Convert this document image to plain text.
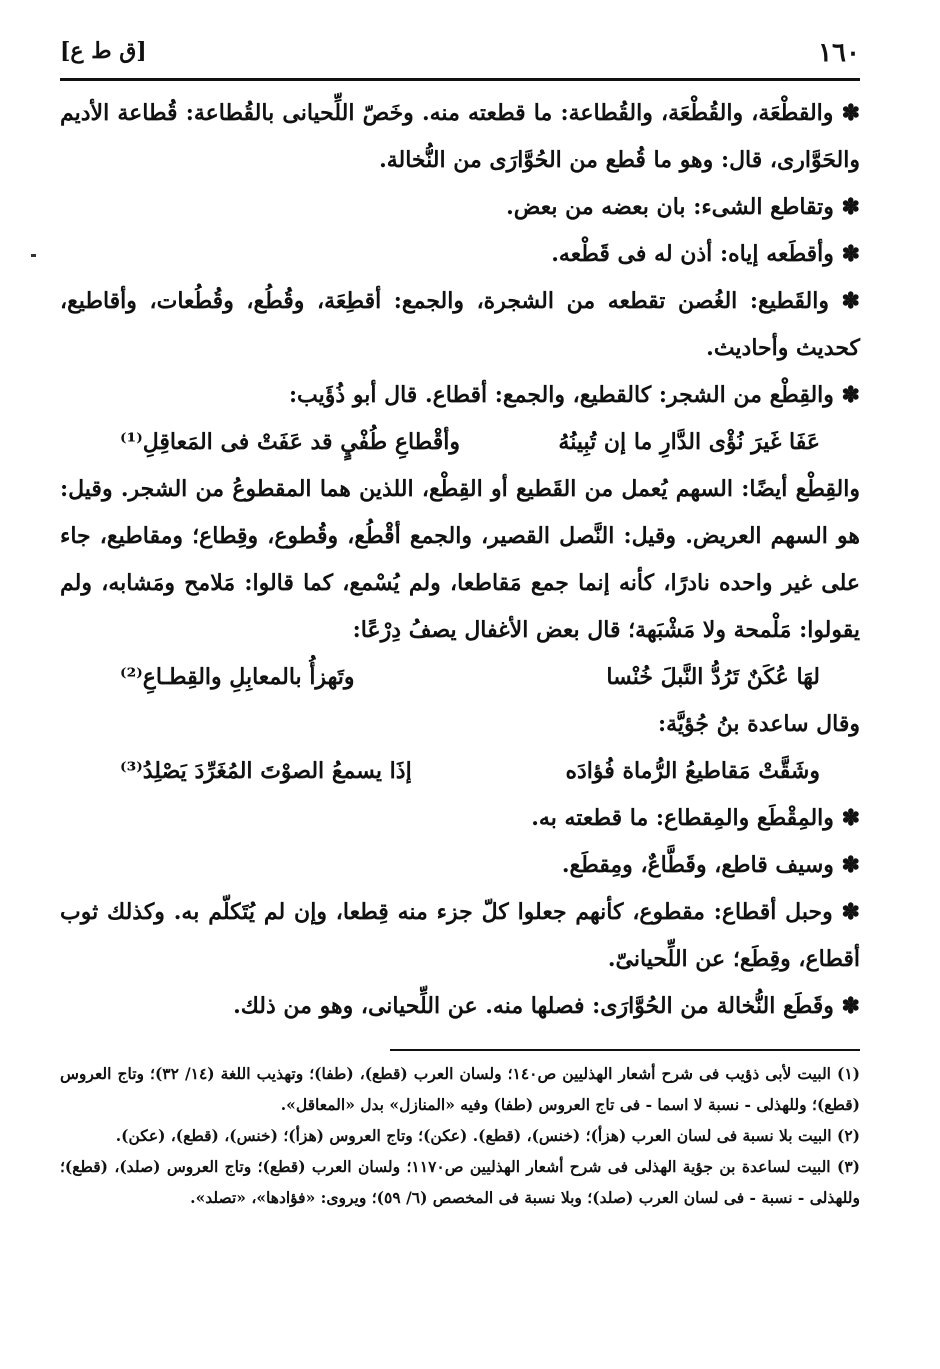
١٦٠
[ق ط ع]

✽ والقطْعَة، والقُطْعَة، والقُطاعة: ما قطعته منه. وخَصّ اللِّحيانى بالقُطاعة: قُطاعة الأديم والحَوَّارى، قال: وهو ما قُطع من الحُوَّارَى من النُّخالة.

✽ وتقاطع الشىء: بان بعضه من بعض.

✽ وأقطَعه إياه: أذن له فى قَطْعه.

✽ والقَطيع: الغُصن تقطعه من الشجرة، والجمع: أقطِعَة، وقُطُع، وقُطُعات، وأقاطيع، كحديث وأحاديث.

✽ والقِطْع من الشجر: كالقطيع، والجمع: أقطاع. قال أبو ذُؤَيب:

عَفَا غَيرَ نُؤْى الدَّارِ ما إن تُبِينُهُ
وأقْطاعِ طُفْيٍ قد عَفَتْ فى المَعاقِلِ⁽¹⁾

والقِطْع أيضًا: السهم يُعمل من القَطيع أو القِطْع، اللذين هما المقطوعُ من الشجر. وقيل: هو السهم العريض. وقيل: النَّصل القصير، والجمع أقْطُع، وقُطوع، وقِطاع؛ ومقاطيع، جاء على غير واحده نادرًا، كأنه إنما جمع مَقاطعا، ولم يُسْمع، كما قالوا: مَلامح ومَشابه، ولم يقولوا: مَلْمحة ولا مَشْبَهة؛ قال بعض الأغفال يصفُ دِرْعًا:

لهَا عُكَنٌ تَرُدُّ النَّبلَ خُنْسا
وتَهزأُ بالمعابِلِ والقِطـاعِ⁽²⁾

وقال ساعدة بنُ جُؤيَّة:

وشَقَّتْ مَقاطيعُ الرُّماة فُؤادَه
إذَا يسمعُ الصوْتَ المُغَرِّدَ يَصْلِدُ⁽³⁾

✽ والمِقْطَع والمِقطاع: ما قطعته به.

✽ وسيف قاطع، وقَطَّاعٌ، ومِقطَع.

✽ وحبل أقطاع: مقطوع، كأنهم جعلوا كلّ جزء منه قِطعا، وإن لم يُتَكلّم به. وكذلك ثوب أقطاع، وقِطَع؛ عن اللِّحيانىّ.

✽ وقَطَع النُّخالة من الحُوَّارَى: فصلها منه. عن اللِّحيانى، وهو من ذلك.

(١) البيت لأبى ذؤيب فى شرح أشعار الهذليين ص١٤٠؛ ولسان العرب (قطع)، (طفا)؛ وتهذيب اللغة (١٤/ ٣٢)؛ وتاج العروس (قطع)؛ وللهذلى - نسبة لا اسما - فى تاج العروس (طفا) وفيه «المنازل» بدل «المعاقل».

(٢) البيت بلا نسبة فى لسان العرب (هزأ)؛ (خنس)، (قطع). (عكن)؛ وتاج العروس (هزأ)؛ (خنس)، (قطع)، (عكن).

(٣) البيت لساعدة بن جؤية الهذلى فى شرح أشعار الهذليين ص١١٧٠؛ ولسان العرب (قطع)؛ وتاج العروس (صلد)، (قطع)؛ وللهذلى - نسبة - فى لسان العرب (صلد)؛ وبلا نسبة فى المخصص (٦/ ٥٩)؛ ويروى: «فؤادها»، «تصلد».
